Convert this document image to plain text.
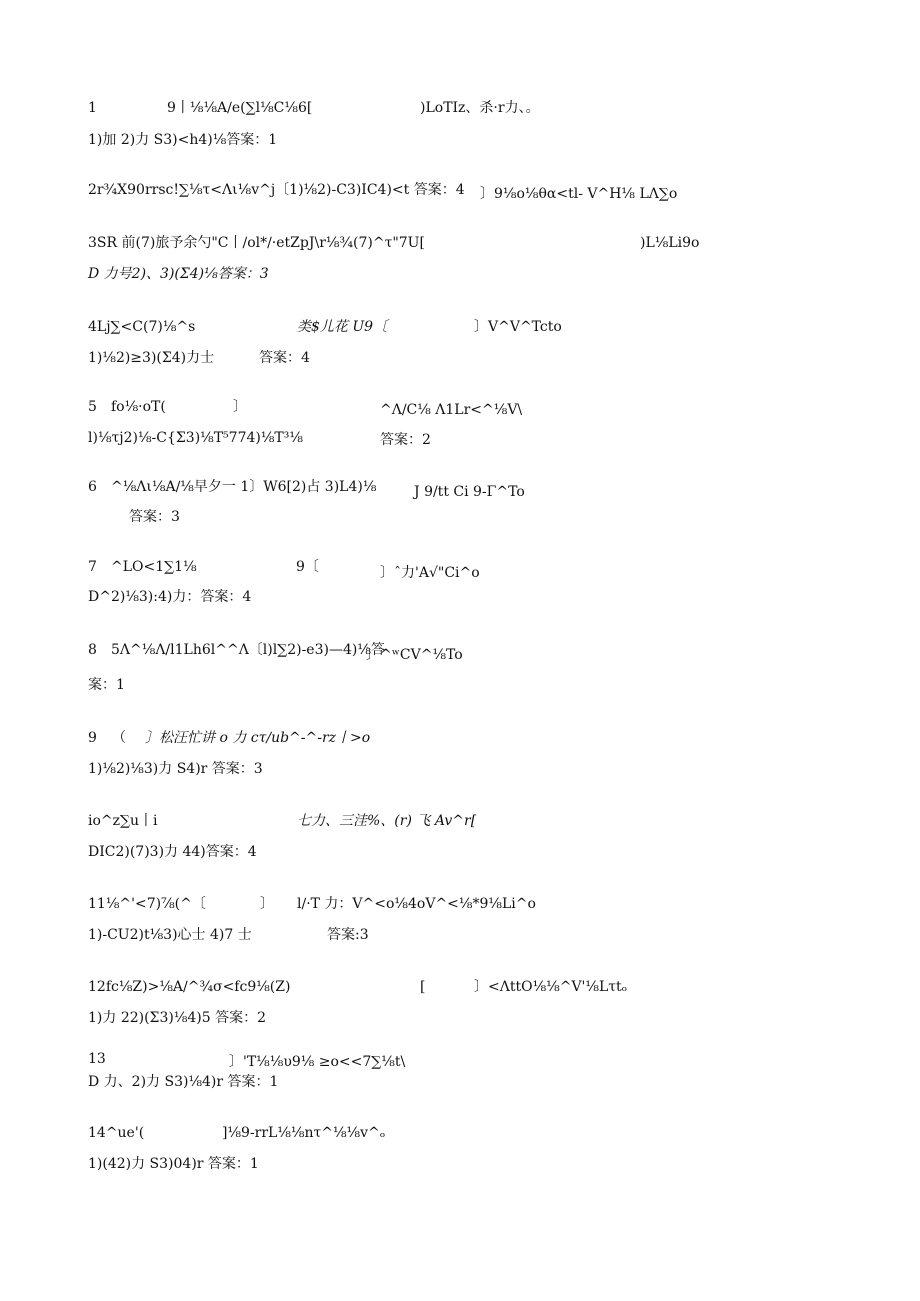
1	9丨⅛⅛A∕e(∑l⅛C⅛6[	)LoTIz、杀·r力、。
1)加 2)力 S3)<h4)⅛答案：1
2r¾X90rrsc!∑⅛τ<Λι⅛v^j〔1)⅛2)-C3)IC4)<t 答案：4 〕9⅛o⅛θα<tl- V^H⅛ LΛ∑o
3SR 前(7)旅予余勺"C丨∕ol*∕·etZpJ\r⅛¾(7)^τ"7U[	)L⅛Li9o
D 力号2)、3)(Σ4)⅛答案：3
4Lj∑<C(7)⅛^s	类$儿花 U9〔	〕V^V^Tcto
1)⅛2)≥3)(Σ4)力士	答案：4
5 fo⅛·oT(	〕	^Λ∕C⅛ Λ1Lr<^⅛V\
l)⅛τj2)⅛-C{Σ3)⅛T⁵774)⅛T³⅛	答案：2
6 ^⅛Λι⅛A∕⅛早夕一 1〕W6[2)占 3)L4)⅛	J 9/tt Ci 9-Γ^To
答案：3
7 ^LO<1∑1⅛	9〔	〕ˆ力'A√"Ci^o
D^2)⅛3):4)力：答案：4
8 5Λ^⅛Λ∕l1Lh6l^^Λ〔l)l∑2)-e3)—4)⅛答
〕^ʷCV^⅛To
案：1
9 （ 〕松汪忙讲 o 力 cτ∕ub^-^-rz丨>o
1)⅛2)⅛3)力 S4)r 答案：3
io^z∑u丨i	七力、三洼%、(r) 飞 Av^r[
DIC2)(7)3)力 44)答案：4
11⅛^'<7)⅞(^〔	〕 l∕·T 力：V^<o⅛4oV^<⅛*9⅛Li^o
1)-CU2)t⅛3)心士 4)7 士	答案:3
12fc⅛Z)>⅛A∕^¾σ<fc9⅛(Z)	[	〕<ΛttO⅛⅛^V'⅛Lτtₒ
1)力 22)(Σ3)⅛4)5 答案：2
13	〕'T⅛⅛υ9⅛ ≥o<<7∑⅛t\
D 力、2)力 S3)⅛4)r 答案：1
14^ue'(	]⅛9-rrL⅛⅛nτ^⅛⅛v^ₒ
1)(42)力 S3)04)r 答案：1
